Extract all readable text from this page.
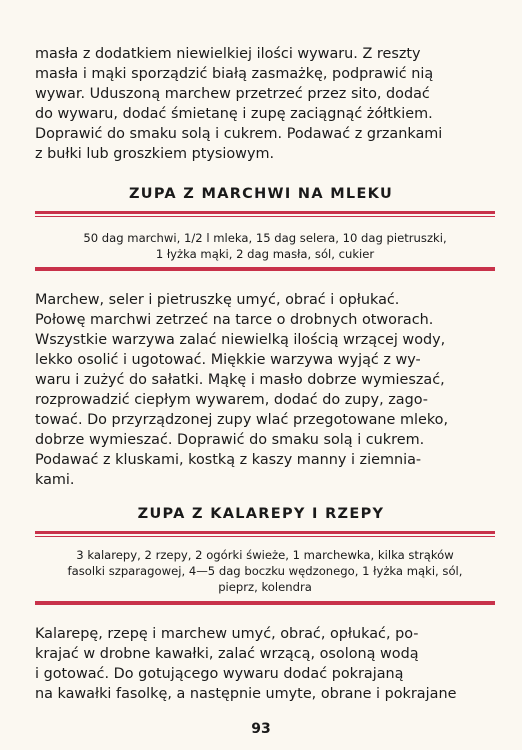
masła z dodatkiem niewielkiej ilości wywaru. Z reszty
masła i mąki sporządzić białą zasmażkę, podprawić nią
wywar. Uduszoną marchew przetrzeć przez sito, dodać
do wywaru, dodać śmietanę i zupę zaciągnąć żółtkiem.
Doprawić do smaku solą i cukrem. Podawać z grzankami
z bułki lub groszkiem ptysiowym.

ZUPA Z MARCHWI NA MLEKU

50 dag marchwi, 1/2 l mleka, 15 dag selera, 10 dag pietruszki,
1 łyżka mąki, 2 dag masła, sól, cukier

Marchew, seler i pietruszkę umyć, obrać i opłukać.
Połowę marchwi zetrzeć na tarce o drobnych otworach.
Wszystkie warzywa zalać niewielką ilością wrzącej wody,
lekko osolić i ugotować. Miękkie warzywa wyjąć z wy-
waru i zużyć do sałatki. Mąkę i masło dobrze wymieszać,
rozprowadzić ciepłym wywarem, dodać do zupy, zago-
tować. Do przyrządzonej zupy wlać przegotowane mleko,
dobrze wymieszać. Doprawić do smaku solą i cukrem.
Podawać z kluskami, kostką z kaszy manny i ziemnia-
kami.

ZUPA Z KALAREPY I RZEPY

3 kalarepy, 2 rzepy, 2 ogórki świeże, 1 marchewka, kilka strąków
fasolki szparagowej, 4—5 dag boczku wędzonego, 1 łyżka mąki, sól,
pieprz, kolendra

Kalarepę, rzepę i marchew umyć, obrać, opłukać, po-
krajać w drobne kawałki, zalać wrzącą, osoloną wodą
i gotować. Do gotującego wywaru dodać pokrajaną
na kawałki fasolkę, a następnie umyte, obrane i pokrajane

93
